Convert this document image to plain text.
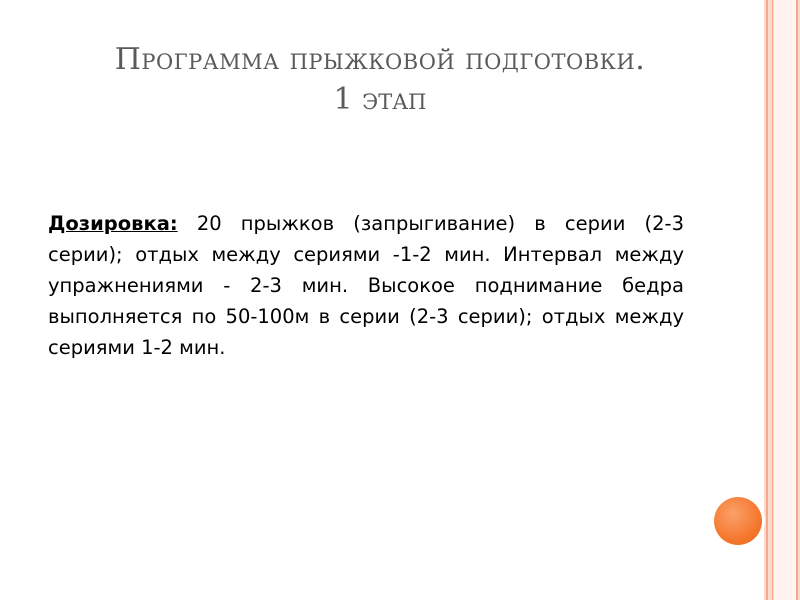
Программа прыжковой подготовки.
1 этап
Дозировка: 20 прыжков (запрыгивание) в серии (2-3 серии); отдых между сериями -1-2 мин. Интервал между упражнениями - 2-3 мин. Высокое поднимание бедра выполняется по 50-100м в серии (2-3 серии); отдых между сериями 1-2 мин.
